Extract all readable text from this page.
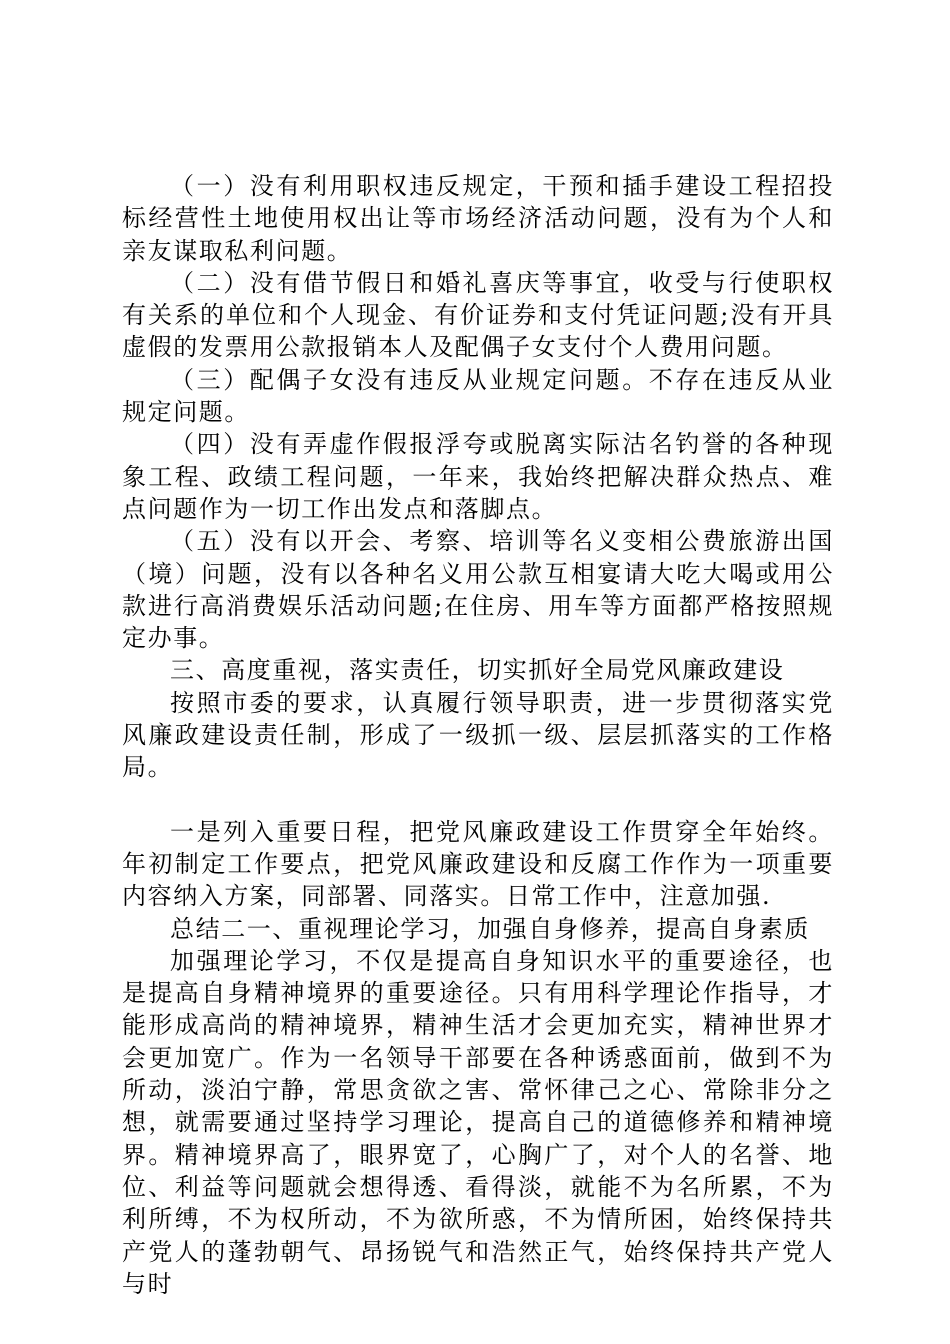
（一）没有利用职权违反规定，干预和插手建设工程招投标经营性土地使用权出让等市场经济活动问题，没有为个人和亲友谋取私利问题。

（二）没有借节假日和婚礼喜庆等事宜，收受与行使职权有关系的单位和个人现金、有价证券和支付凭证问题;没有开具虚假的发票用公款报销本人及配偶子女支付个人费用问题。

（三）配偶子女没有违反从业规定问题。不存在违反从业规定问题。

（四）没有弄虚作假报浮夸或脱离实际沽名钓誉的各种现象工程、政绩工程问题，一年来，我始终把解决群众热点、难点问题作为一切工作出发点和落脚点。

（五）没有以开会、考察、培训等名义变相公费旅游出国（境）问题，没有以各种名义用公款互相宴请大吃大喝或用公款进行高消费娱乐活动问题;在住房、用车等方面都严格按照规定办事。

三、高度重视，落实责任，切实抓好全局党风廉政建设

按照市委的要求，认真履行领导职责，进一步贯彻落实党风廉政建设责任制，形成了一级抓一级、层层抓落实的工作格局。

一是列入重要日程，把党风廉政建设工作贯穿全年始终。年初制定工作要点，把党风廉政建设和反腐工作作为一项重要内容纳入方案，同部署、同落实。日常工作中，注意加强.

总结二一、重视理论学习，加强自身修养，提高自身素质

加强理论学习，不仅是提高自身知识水平的重要途径，也是提高自身精神境界的重要途径。只有用科学理论作指导，才能形成高尚的精神境界，精神生活才会更加充实，精神世界才会更加宽广。作为一名领导干部要在各种诱惑面前，做到不为所动，淡泊宁静，常思贪欲之害、常怀律己之心、常除非分之想，就需要通过坚持学习理论，提高自己的道德修养和精神境界。精神境界高了，眼界宽了，心胸广了，对个人的名誉、地位、利益等问题就会想得透、看得淡，就能不为名所累，不为利所缚，不为权所动，不为欲所惑，不为情所困，始终保持共产党人的蓬勃朝气、昂扬锐气和浩然正气，始终保持共产党人与时
